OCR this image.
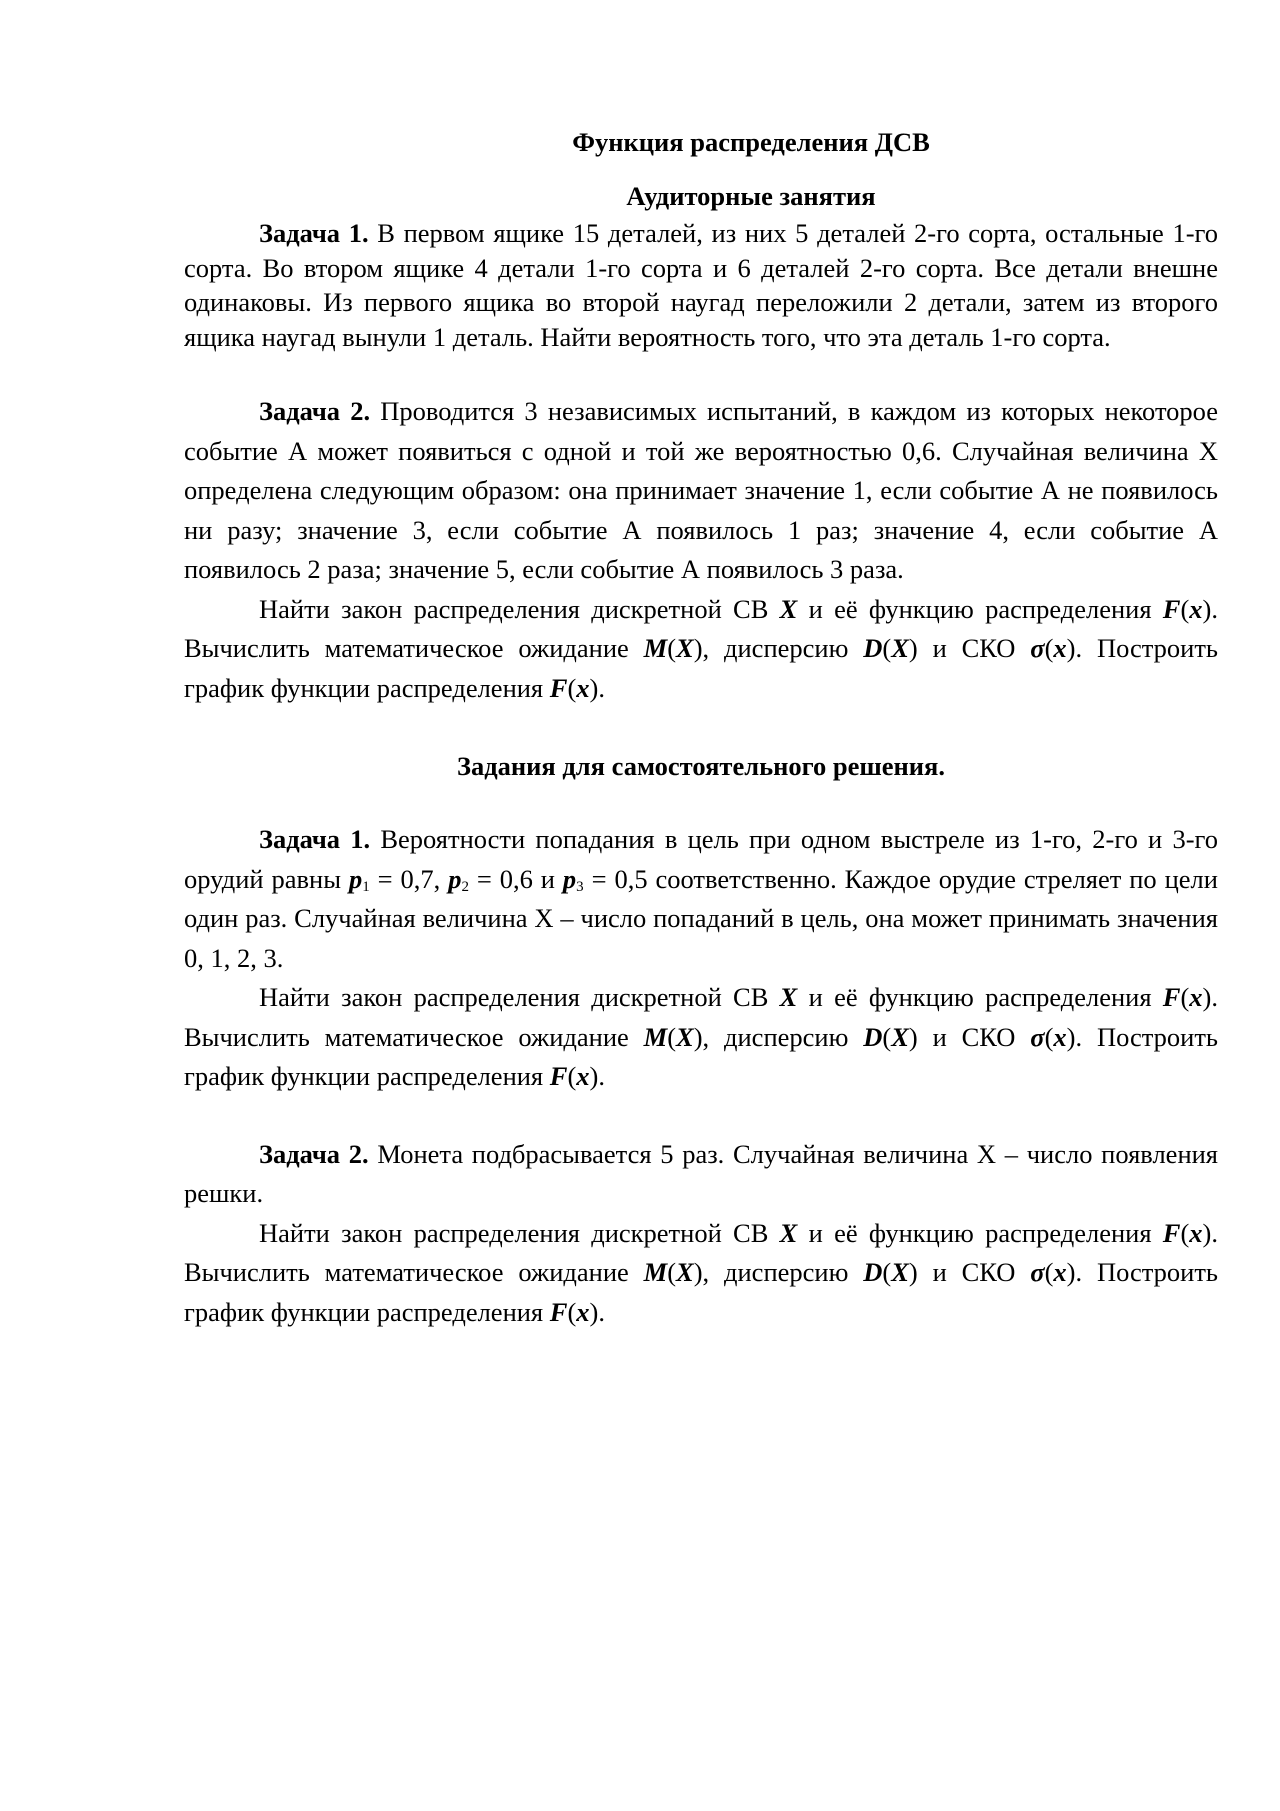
Функция распределения ДСВ
Аудиторные занятия

Задача 1. В первом ящике 15 деталей, из них 5 деталей 2-го сорта, остальные 1-го сорта. Во втором ящике 4 детали 1-го сорта и 6 деталей 2-го сорта. Все детали внешне одинаковы. Из первого ящика во второй наугад переложили 2 детали, затем из второго ящика наугад вынули 1 деталь. Найти вероятность того, что эта деталь 1-го сорта.

Задача 2. Проводится 3 независимых испытаний, в каждом из которых некоторое событие А может появиться с одной и той же вероятностью 0,6. Случайная величина Х определена следующим образом: она принимает значение 1, если событие А не появилось ни разу; значение 3, если событие А появилось 1 раз; значение 4, если событие А появилось 2 раза; значение 5, если событие А появилось 3 раза.

Найти закон распределения дискретной СВ X и её функцию распределения F(x). Вычислить математическое ожидание M(X), дисперсию D(X) и СКО σ(x). Построить график функции распределения F(x).

Задания для самостоятельного решения.

Задача 1. Вероятности попадания в цель при одном выстреле из 1-го, 2-го и 3-го орудий равны $p_1 = 0,7$, $p_2 = 0,6$ и $p_3 = 0,5$ соответственно. Каждое орудие стреляет по цели один раз. Случайная величина Х – число попаданий в цель, она может принимать значения 0, 1, 2, 3.

Найти закон распределения дискретной СВ X и её функцию распределения F(x). Вычислить математическое ожидание M(X), дисперсию D(X) и СКО σ(x). Построить график функции распределения F(x).

Задача 2. Монета подбрасывается 5 раз. Случайная величина Х – число появления решки.

Найти закон распределения дискретной СВ X и её функцию распределения F(x). Вычислить математическое ожидание M(X), дисперсию D(X) и СКО σ(x). Построить график функции распределения F(x).
